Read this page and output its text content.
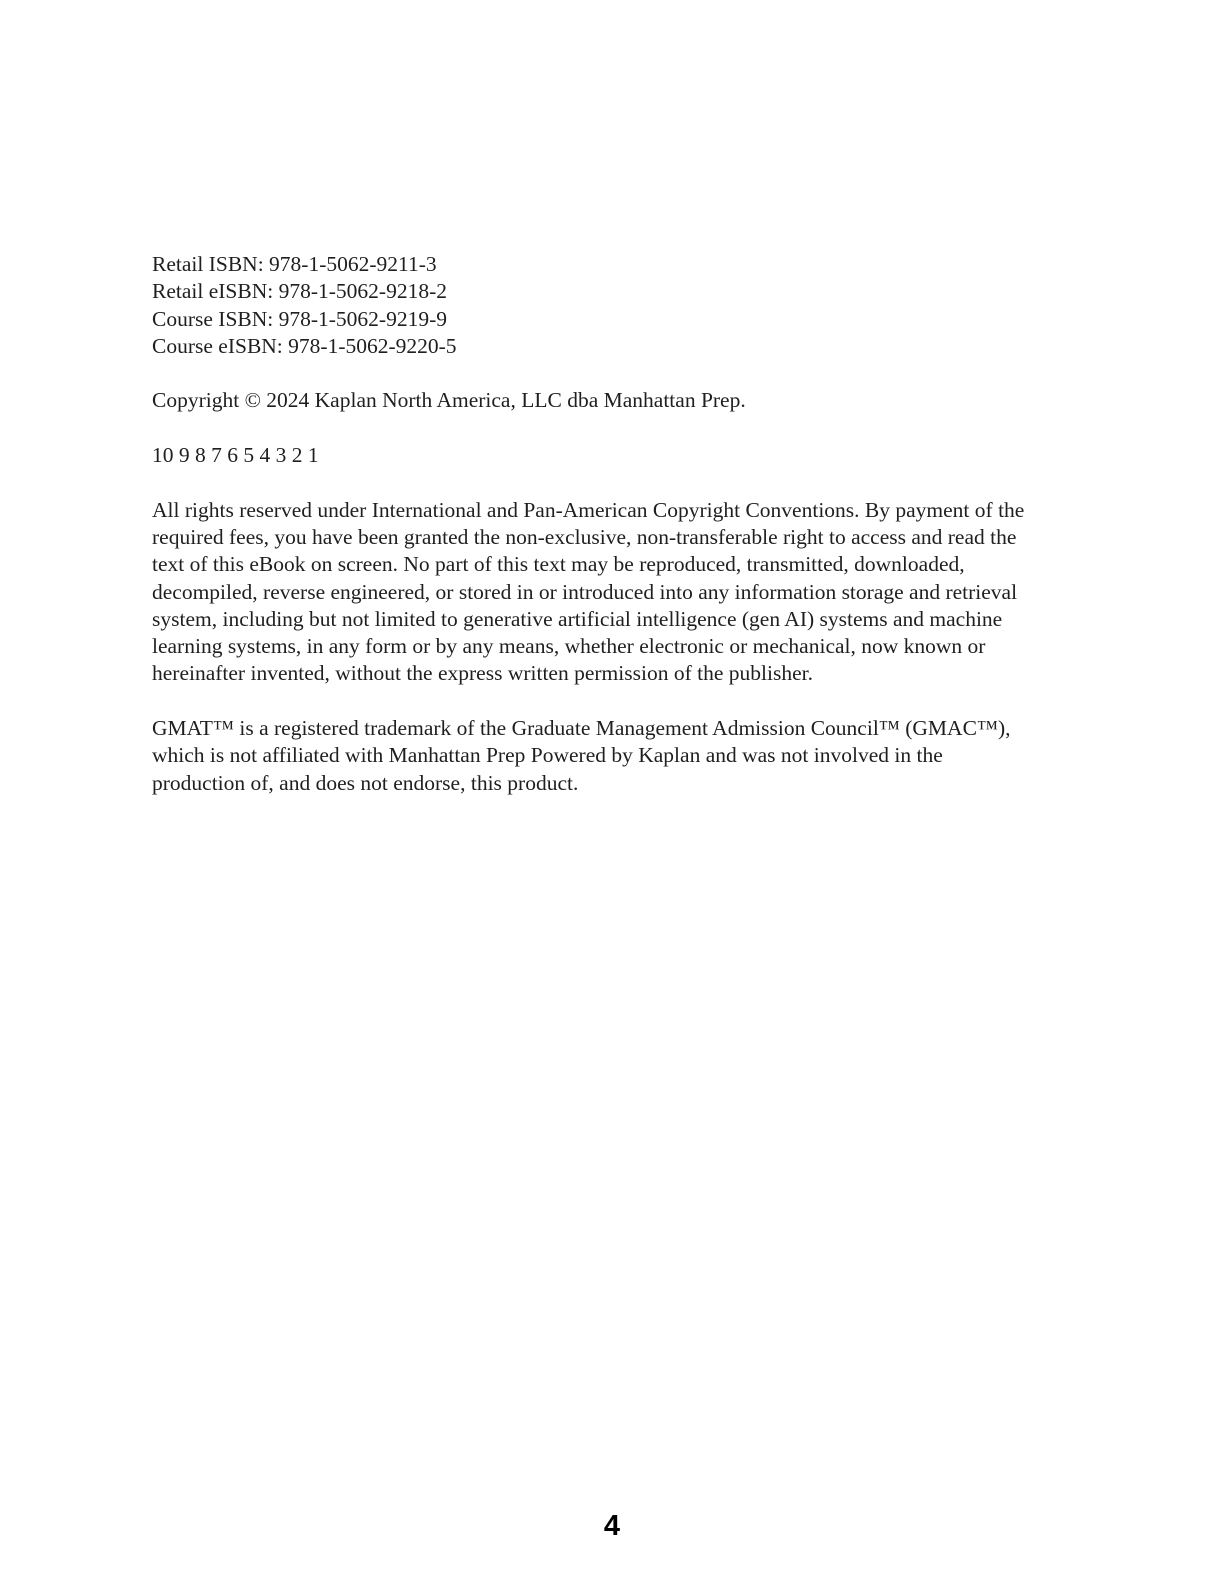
Retail ISBN: 978-1-5062-9211-3
Retail eISBN: 978-1-5062-9218-2
Course ISBN: 978-1-5062-9219-9
Course eISBN: 978-1-5062-9220-5
Copyright © 2024 Kaplan North America, LLC dba Manhattan Prep.
10 9 8 7 6 5 4 3 2 1
All rights reserved under International and Pan-American Copyright Conventions. By payment of the
required fees, you have been granted the non-exclusive, non-transferable right to access and read the
text of this eBook on screen. No part of this text may be reproduced, transmitted, downloaded,
decompiled, reverse engineered, or stored in or introduced into any information storage and retrieval
system, including but not limited to generative artificial intelligence (gen AI) systems and machine
learning systems, in any form or by any means, whether electronic or mechanical, now known or
hereinafter invented, without the express written permission of the publisher.
GMAT™ is a registered trademark of the Graduate Management Admission Council™ (GMAC™),
which is not affiliated with Manhattan Prep Powered by Kaplan and was not involved in the
production of, and does not endorse, this product.
4
